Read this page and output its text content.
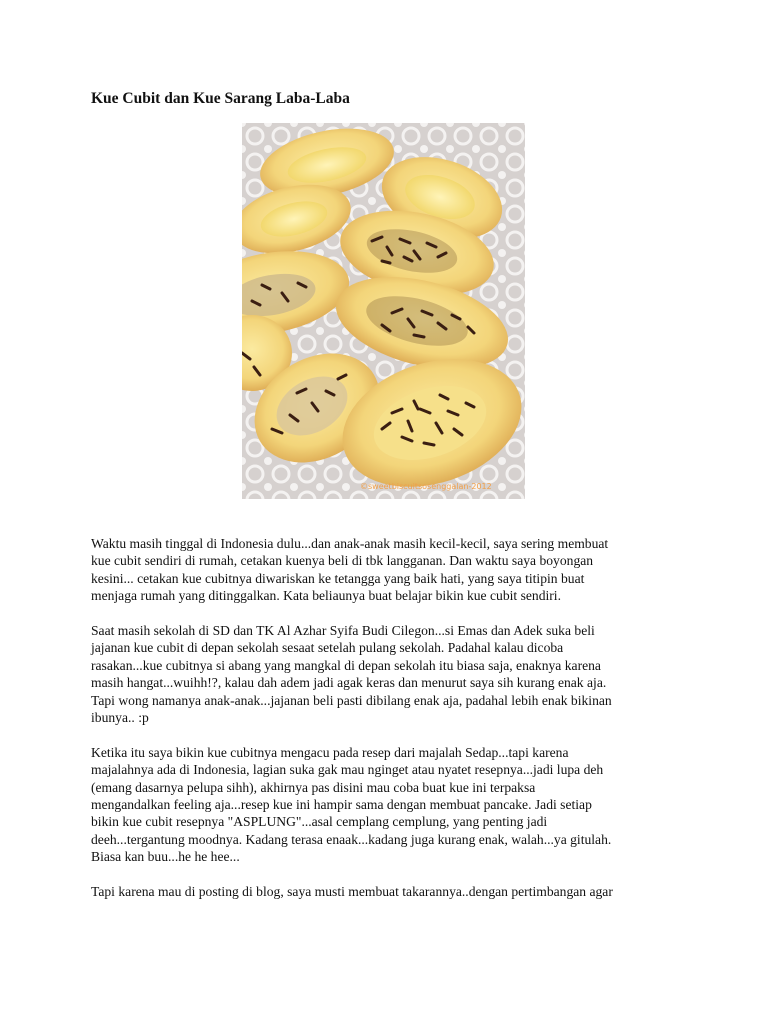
Kue Cubit dan Kue Sarang Laba-Laba
©sweetbiscuitsosenggalan-2012

Waktu masih tinggal di Indonesia dulu...dan anak-anak masih kecil-kecil, saya sering membuat
kue cubit sendiri di rumah, cetakan kuenya beli di tbk langganan. Dan waktu saya boyongan
kesini... cetakan kue cubitnya diwariskan ke tetangga yang baik hati, yang saya titipin buat
menjaga rumah yang ditinggalkan. Kata beliaunya buat belajar bikin kue cubit sendiri.

Saat masih sekolah di SD dan TK Al Azhar Syifa Budi Cilegon...si Emas dan Adek suka beli
jajanan kue cubit di depan sekolah sesaat setelah pulang sekolah. Padahal kalau dicoba
rasakan...kue cubitnya si abang yang mangkal di depan sekolah itu biasa saja, enaknya karena
masih hangat...wuihh!?, kalau dah adem jadi agak keras dan menurut saya sih kurang enak aja.
Tapi wong namanya anak-anak...jajanan beli pasti dibilang enak aja, padahal lebih enak bikinan
ibunya.. :p

Ketika itu saya bikin kue cubitnya mengacu pada resep dari majalah Sedap...tapi karena
majalahnya ada di Indonesia, lagian suka gak mau nginget atau nyatet resepnya...jadi lupa deh
(emang dasarnya pelupa sihh), akhirnya pas disini mau coba buat kue ini terpaksa
mengandalkan feeling aja...resep kue ini hampir sama dengan membuat pancake. Jadi setiap
bikin kue cubit resepnya "ASPLUNG"...asal cemplang cemplung, yang penting jadi
deeh...tergantung moodnya. Kadang terasa enaak...kadang juga kurang enak, walah...ya gitulah.
Biasa kan buu...he he hee...

Tapi karena mau di posting di blog, saya musti membuat takarannya..dengan pertimbangan agar
